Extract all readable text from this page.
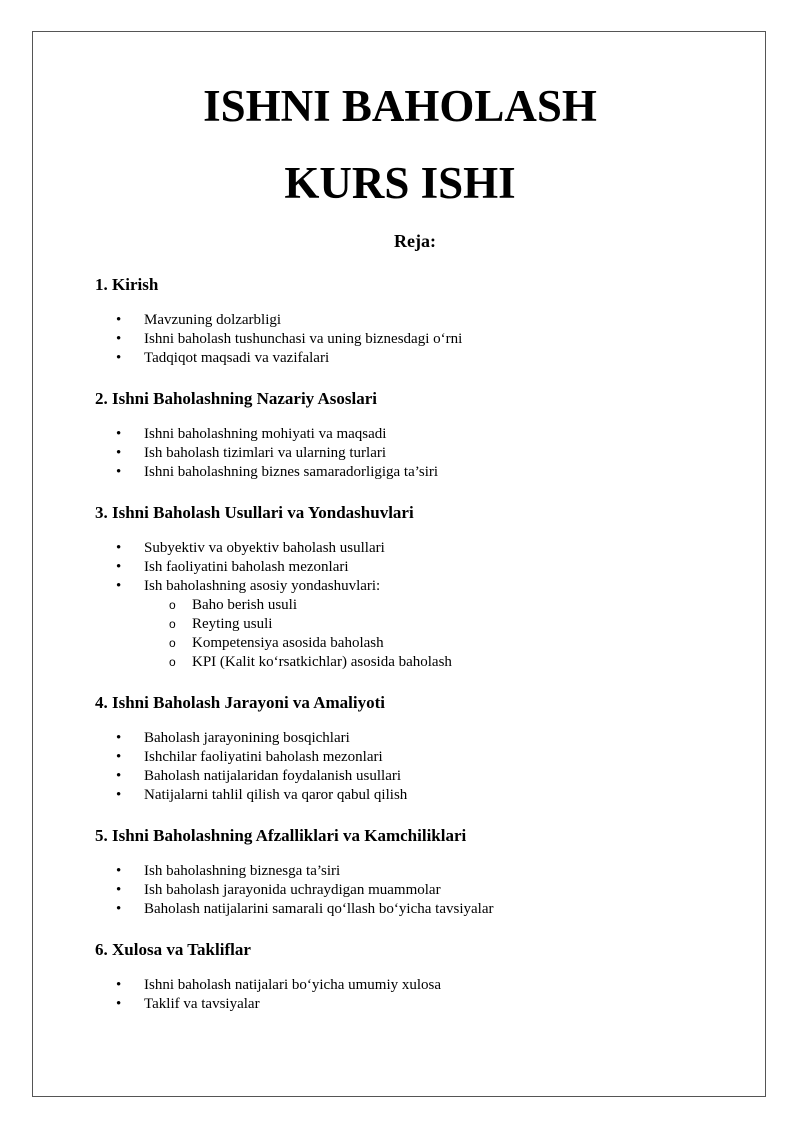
ISHNI BAHOLASH
KURS ISHI
Reja:
1. Kirish
• Mavzuning dolzarbligi
• Ishni baholash tushunchasi va uning biznesdagi o‘rni
• Tadqiqot maqsadi va vazifalari
2. Ishni Baholashning Nazariy Asoslari
• Ishni baholashning mohiyati va maqsadi
• Ish baholash tizimlari va ularning turlari
• Ishni baholashning biznes samaradorligiga ta’siri
3. Ishni Baholash Usullari va Yondashuvlari
• Subyektiv va obyektiv baholash usullari
• Ish faoliyatini baholash mezonlari
• Ish baholashning asosiy yondashuvlari:
o Baho berish usuli
o Reyting usuli
o Kompetensiya asosida baholash
o KPI (Kalit ko‘rsatkichlar) asosida baholash
4. Ishni Baholash Jarayoni va Amaliyoti
• Baholash jarayonining bosqichlari
• Ishchilar faoliyatini baholash mezonlari
• Baholash natijalaridan foydalanish usullari
• Natijalarni tahlil qilish va qaror qabul qilish
5. Ishni Baholashning Afzalliklari va Kamchiliklari
• Ish baholashning biznesga ta’siri
• Ish baholash jarayonida uchraydigan muammolar
• Baholash natijalarini samarali qo‘llash bo‘yicha tavsiyalar
6. Xulosa va Takliflar
• Ishni baholash natijalari bo‘yicha umumiy xulosa
• Taklif va tavsiyalar
